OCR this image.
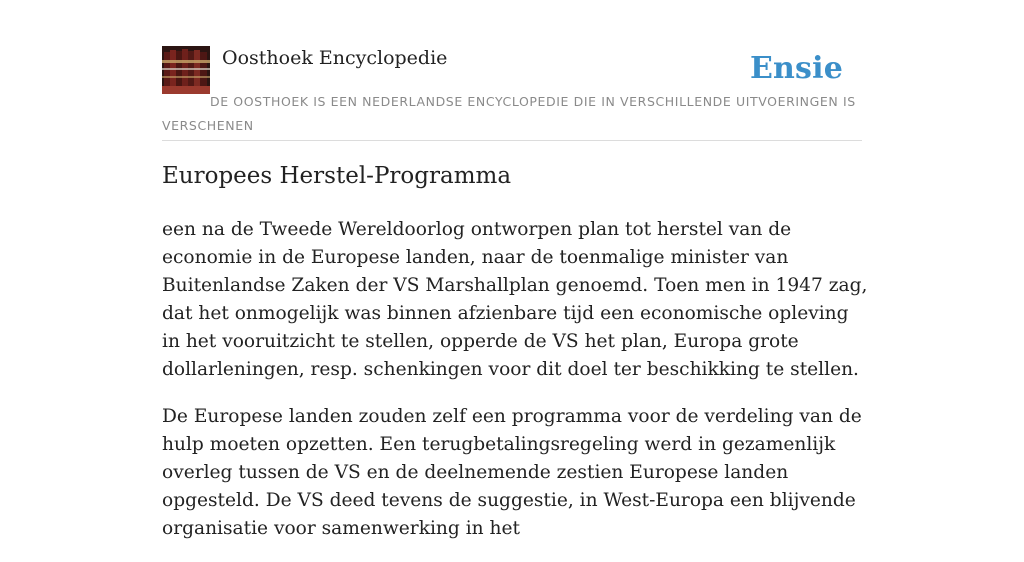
Oosthoek Encyclopedie	Ensie
DE OOSTHOEK IS EEN NEDERLANDSE ENCYCLOPEDIE DIE IN VERSCHILLENDE UITVOERINGEN IS VERSCHENEN
Europees Herstel-Programma

een na de Tweede Wereldoorlog ontworpen plan tot herstel van de economie in de Europese landen, naar de toenmalige minister van Buitenlandse Zaken der VS Marshallplan genoemd. Toen men in 1947 zag, dat het onmogelijk was binnen afzienbare tijd een economische opleving in het vooruitzicht te stellen, opperde de VS het plan, Europa grote dollarleningen, resp. schenkingen voor dit doel ter beschikking te stellen.

De Europese landen zouden zelf een programma voor de verdeling van de hulp moeten opzetten. Een terugbetalingsregeling werd in gezamenlijk overleg tussen de VS en de deelnemende zestien Europese landen opgesteld. De VS deed tevens de suggestie, in West-Europa een blijvende organisatie voor samenwerking in het
